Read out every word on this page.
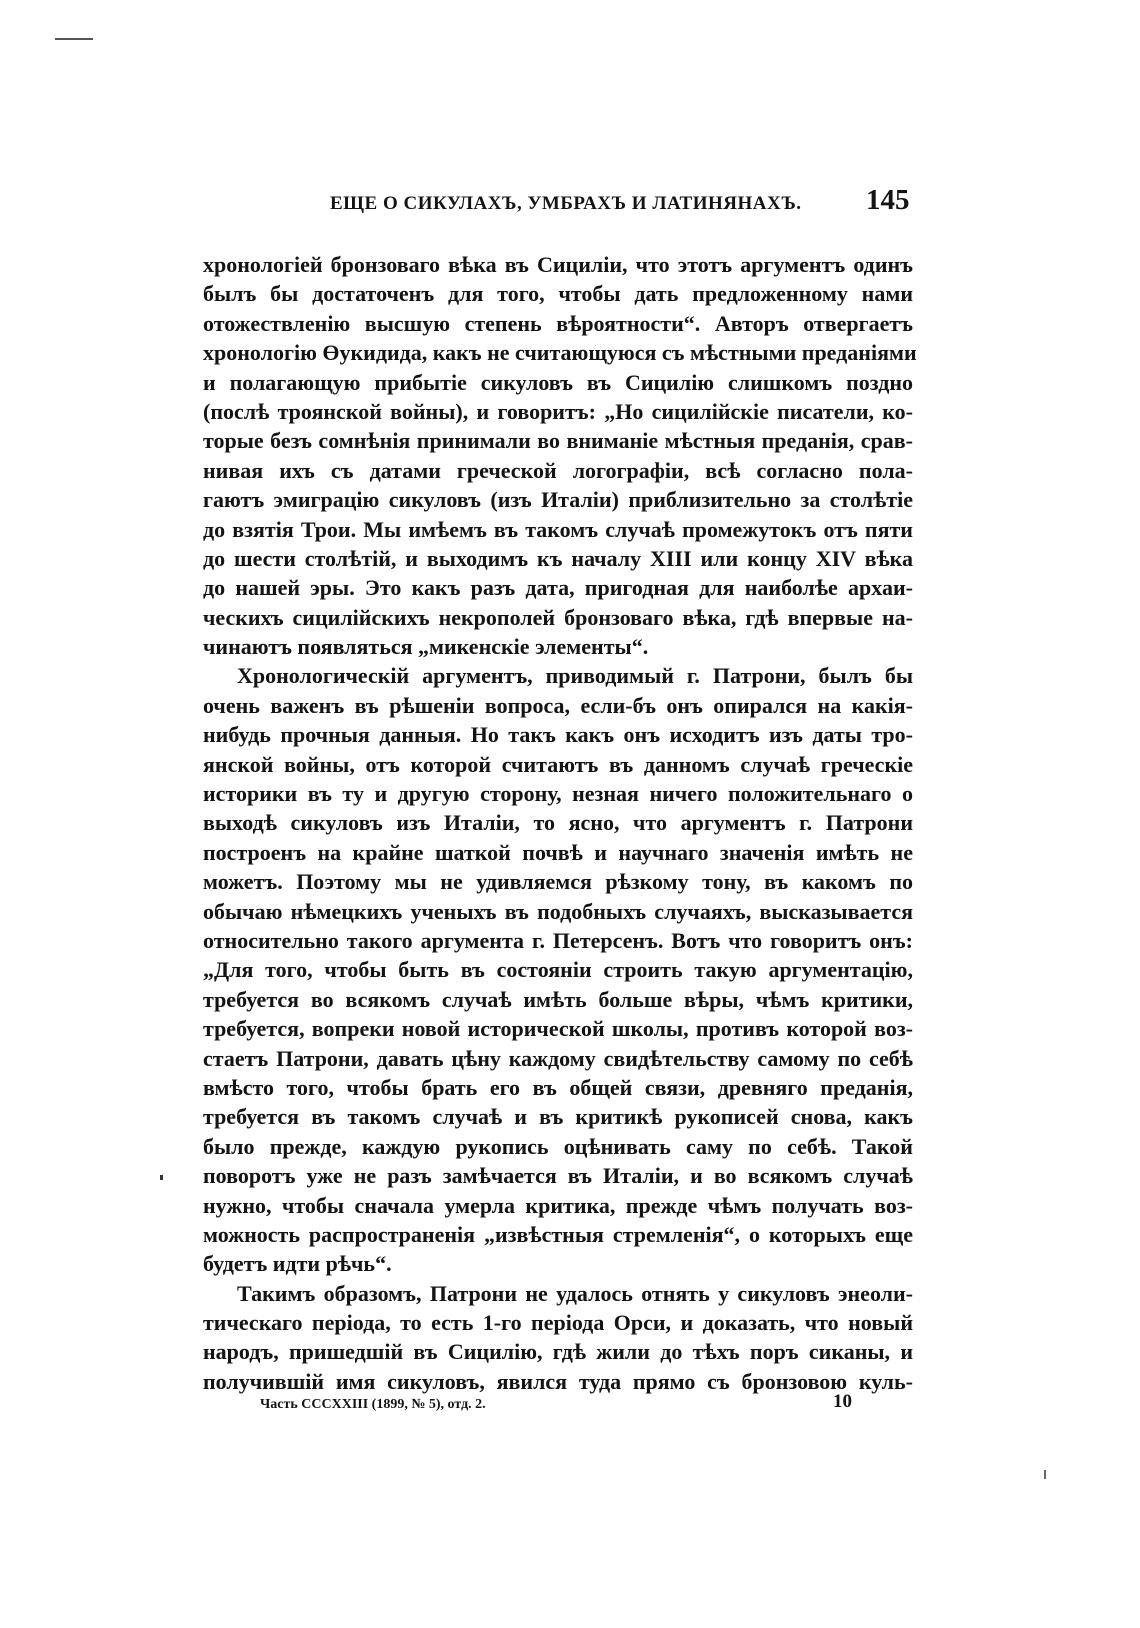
ЕЩЕ О СИКУЛАХЪ, УМБРАХЪ И ЛАТИНЯНАХЪ.	145
хронологіей бронзоваго вѣка въ Сициліи, что этотъ аргументъ одинъ
былъ бы достаточенъ для того, чтобы дать предложенному нами
отожествленію высшую степень вѣроятности“. Авторъ отвергаетъ
хронологію Өукидида, какъ не считающуюся съ мѣстными преданіями
и полагающую прибытіе сикуловъ въ Сицилію слишкомъ поздно
(послѣ троянской войны), и говоритъ: „Но сицилійскіе писатели, ко-
торые безъ сомнѣнія принимали во вниманіе мѣстныя преданія, срав-
нивая ихъ съ датами греческой логографіи, всѣ согласно пола-
гаютъ эмиграцію сикуловъ (изъ Италіи) приблизительно за столѣтіе
до взятія Трои. Мы имѣемъ въ такомъ случаѣ промежутокъ отъ пяти
до шести столѣтій, и выходимъ къ началу XIII или концу XIV вѣка
до нашей эры. Это какъ разъ дата, пригодная для наиболѣе архаи-
ческихъ сицилійскихъ некрополей бронзоваго вѣка, гдѣ впервые на-
чинаютъ появляться „микенскіе элементы“.
Хронологическій аргументъ, приводимый г. Патрони, былъ бы
очень важенъ въ рѣшеніи вопроса, если-бъ онъ опирался на какія-
нибудь прочныя данныя. Но такъ какъ онъ исходитъ изъ даты тро-
янской войны, отъ которой считаютъ въ данномъ случаѣ греческіе
историки въ ту и другую сторону, незная ничего положительнаго о
выходѣ сикуловъ изъ Италіи, то ясно, что аргументъ г. Патрони
построенъ на крайне шаткой почвѣ и научнаго значенія имѣть не
можетъ. Поэтому мы не удивляемся рѣзкому тону, въ какомъ по
обычаю нѣмецкихъ ученыхъ въ подобныхъ случаяхъ, высказывается
относительно такого аргумента г. Петерсенъ. Вотъ что говоритъ онъ:
„Для того, чтобы быть въ состояніи строить такую аргументацію,
требуется во всякомъ случаѣ имѣть больше вѣры, чѣмъ критики,
требуется, вопреки новой исторической школы, противъ которой воз-
стаетъ Патрони, давать цѣну каждому свидѣтельству самому по себѣ
вмѣсто того, чтобы брать его въ общей связи, древняго преданія,
требуется въ такомъ случаѣ и въ критикѣ рукописей снова, какъ
было прежде, каждую рукопись оцѣнивать саму по себѣ. Такой
поворотъ уже не разъ замѣчается въ Италіи, и во всякомъ случаѣ
нужно, чтобы сначала умерла критика, прежде чѣмъ получать воз-
можность распространенія „извѣстныя стремленія“, о которыхъ еще
будетъ идти рѣчь“.
Такимъ образомъ, Патрони не удалось отнять у сикуловъ энеоли-
тическаго періода, то есть 1-го періода Орси, и доказать, что новый
народъ, пришедшій въ Сицилію, гдѣ жили до тѣхъ поръ сиканы, и
получившій имя сикуловъ, явился туда прямо съ бронзовою куль-
Часть CCCXXIII (1899, № 5), отд. 2.	10
